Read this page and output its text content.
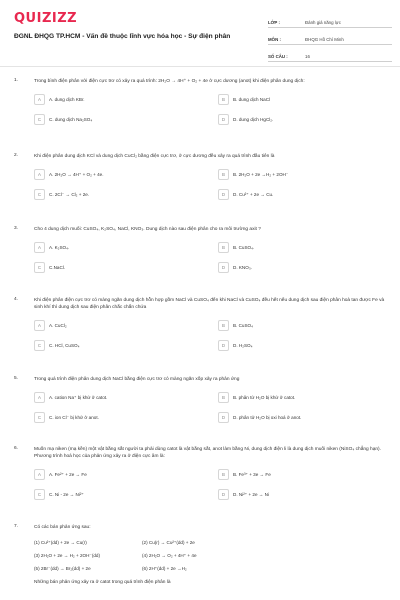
QUIZIZZ
ĐGNL ĐHQG TP.HCM - Vấn đề thuộc lĩnh vực hóa học - Sự điện phân
LỚP :	Đánh giá năng lực
MÔN :	ĐHQG Hồ Chí Minh
SỐ CÂU :	16
1.	Trong bình điện phân với điện cực trơ có xảy ra quá trình: 2H₂O → 4H⁺ + O₂ + 4e ở cực dương (anot) khi điện phân dung dịch:
A	A. dung dịch KBr.	B	B. dung dịch NaCl
C	C. dung dịch Na₂SO₄	D	D. dung dịch HgCl₂.
2.	Khi điện phân dung dịch KCl và dung dịch CuCl₂ bằng điện cực trơ, ở cực dương đều xảy ra quá trình đầu tiên là
A	A. 2H₂O → 4H⁺ + O₂ + 4e.	B	B. 2H₂O + 2e →H₂ + 2OH⁻
C	C. 2Cl⁻ → Cl₂ + 2e.	D	D. Cu²⁺ + 2e → Cu.
3.	Cho 4 dung dịch muối: CuSO₄, K₂SO₄, NaCl, KNO₃. Dung dịch nào sau điện phân cho ra môi trường axit ?
A	A. K₂SO₄.	B	B. CuSO₄.
C	C.NaCl.	D	D. KNO₃.
4.	Khi điện phân điện cực trơ có màng ngăn dung dịch hỗn hợp gồm NaCl và CuSO₄ đến khi NaCl và CuSO₄ đều hết nếu dung dịch sau điện phân hoà tan được Fe và sinh khí thì dung dịch sau điện phân chắc chắn chứa
A	A. CuCl₂	B	B. CuSO₄
C	C. HCl, CuSO₄	D	D. H₂SO₄
5.	Trong quá trình điện phân dung dịch NaCl bằng điện cực trơ có màng ngăn xốp xảy ra phản ứng
A	A. cation Na⁺ bị khử ở catot.	B	B. phân tử H₂O bị khử ở catot.
C	C. ion Cl⁻ bị khử ở anot.	D	D. phân tử H₂O bị oxi hoá ở anot.
6.	Muốn mạ niken (mạ kền) một vật bằng sắt người ta phải dùng catot là vật bằng sắt, anot làm bằng Ni, dung dịch điện li là dung dịch muối niken (NiSO₄ chẳng hạn). Phương trình hoá học của phản ứng xảy ra ở điện cực âm là:
A	A. Fe²⁺ + 2e → Fe	B	B. Fe³⁺ + 3e → Fe
C	C. Ni - 2e → Ni²⁺	D	D. Ni²⁺ + 2e → Ni
7.	Có các bán phản ứng sau:
(1) Cu²⁺(dd) + 2e → Cu(r)	(2) Cu(r) → Cu²⁺(dd) + 2e
(3) 2H₂O + 2e → H₂ + 2OH⁻(dd)	(4) 2H₂O → O₂ + 4H⁺ + 4e
(5) 2Br⁻(dd) → Br₂(dd) + 2e	(6) 2H⁺(dd) + 2e →H₂
Những bán phản ứng xảy ra ở catot trong quá trình điện phân là
